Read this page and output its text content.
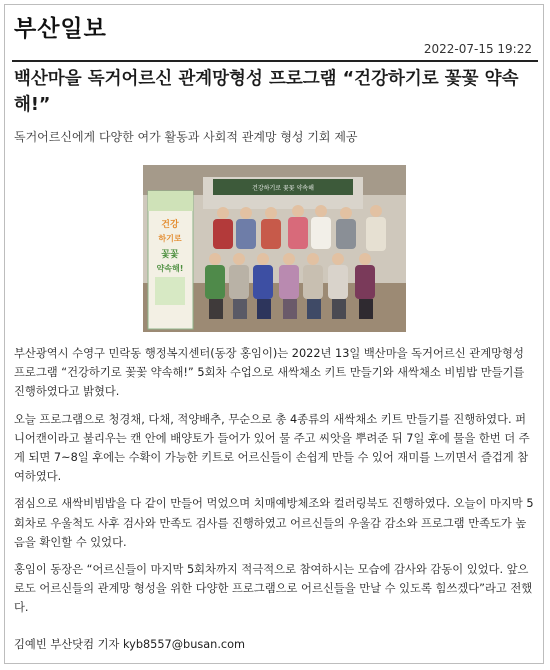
부산일보
2022-07-15 19:22
백산마을 독거어르신 관계망형성 프로그램 “건강하기로 꽃꽃 약속해!”
독거어르신에게 다양한 여가 활동과 사회적 관계망 형성 기회 제공
건강하기로 꽃꽃 약속해
건강
하기로
꽃꽃
약속해!

부산광역시 수영구 민락동 행정복지센터(동장 홍임이)는 2022년 13일 백산마을 독거어르신 관계망형성 프로그램 “건강하기로 꽃꽃 약속해!” 5회차 수업으로 새싹채소 키트 만들기와 새싹채소 비빔밥 만들기를 진행하였다고 밝혔다.

오늘 프로그램으로 청경채, 다채, 적양배추, 무순으로 총 4종류의 새싹채소 키트 만들기를 진행하였다. 퍼니어캔이라고 불리우는 캔 안에 배양토가 들어가 있어 물 주고 씨앗을 뿌려준 뒤 7일 후에 물을 한번 더 주게 되면 7~8일 후에는 수확이 가능한 키트로 어르신들이 손쉽게 만들 수 있어 재미를 느끼면서 즐겁게 참여하였다.

점심으로 새싹비빔밥을 다 같이 만들어 먹었으며 치매예방체조와 컬러링북도 진행하였다. 오늘이 마지막 5회차로 우울척도 사후 검사와 만족도 검사를 진행하였고 어르신들의 우울감 감소와 프로그램 만족도가 높음을 확인할 수 있었다.

홍임이 동장은 “어르신들이 마지막 5회차까지 적극적으로 참여하시는 모습에 감사와 감동이 있었다. 앞으로도 어르신들의 관계망 형성을 위한 다양한 프로그램으로 어르신들을 만날 수 있도록 힘쓰겠다”라고 전했다.

김예빈 부산닷컴 기자 kyb8557@busan.com
